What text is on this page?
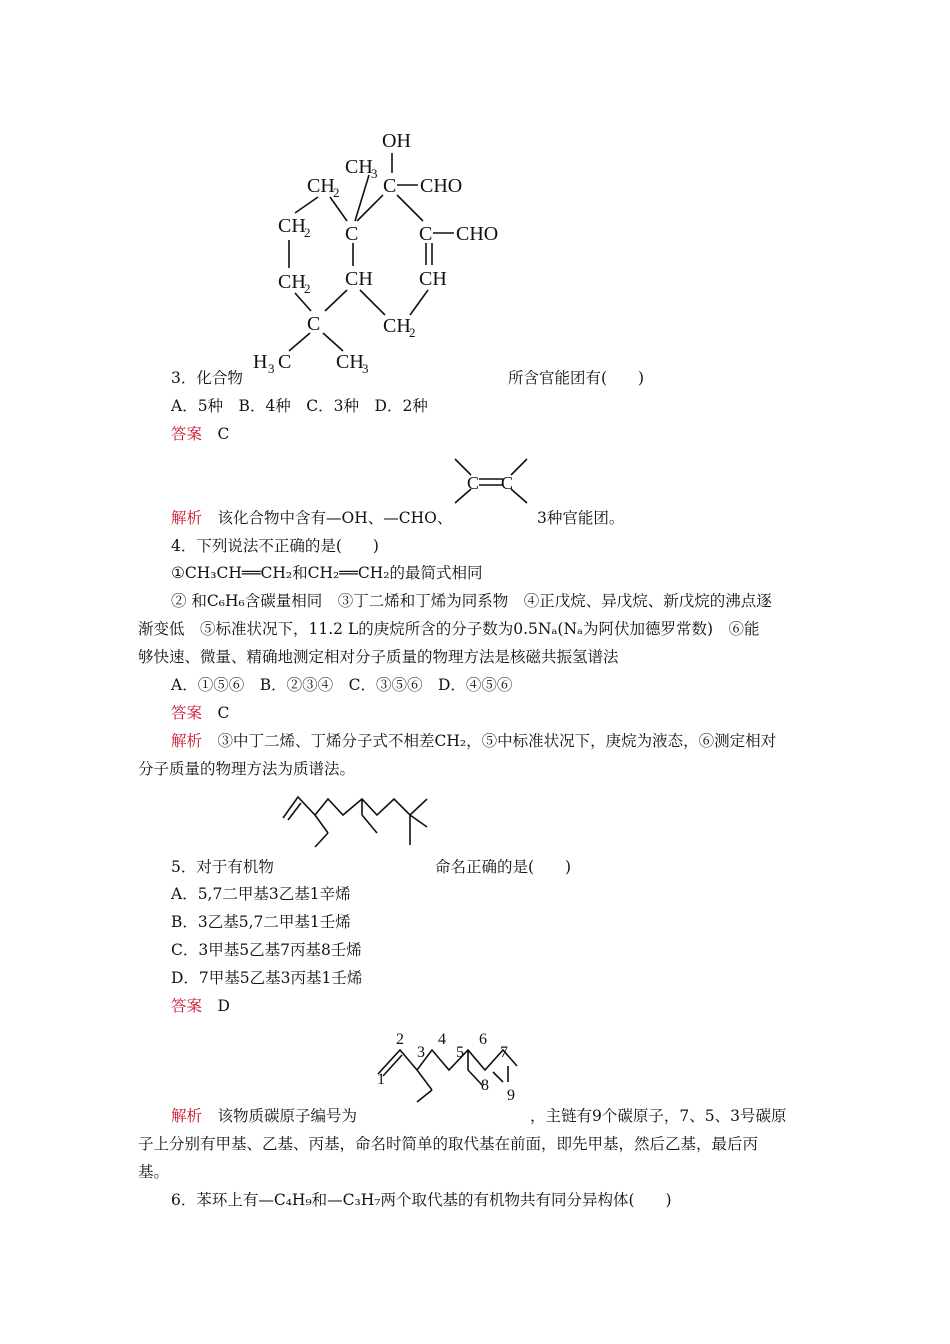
OH
CH
3
C CHO
CH
2
CH
2 C	C CHO
CH
2 CH CH
C	CH
2
H 3 C CH
3
3．化合物	所含官能团有(　　)
A．5种　B．4种　C．3种　D．2种
答案　 C
C C
解析　 该化合物中含有—OH、—CHO、	3种官能团。
4．下列说法不正确的是(　　)
①CH₃CH══CH₂和CH₂══CH₂的最简式相同
② 和C₆H₆含碳量相同　③丁二烯和丁烯为同系物　④正戊烷、异戊烷、新戊烷的沸点逐
渐变低　⑤标准状况下，11.2 L的庚烷所含的分子数为0.5Nₐ(Nₐ为阿伏加德罗常数)　⑥能
够快速、微量、精确地测定相对分子质量的物理方法是核磁共振氢谱法
A．①⑤⑥　B．②③④　C．③⑤⑥　D．④⑤⑥
答案　 C
解析　 ③中丁二烯、丁烯分子式不相差CH₂，⑤中标准状况下，庚烷为液态，⑥测定相对
分子质量的物理方法为质谱法。
5．对于有机物	命名正确的是(　　)
A．5,7二甲基3乙基1辛烯
B．3乙基5,7二甲基1壬烯
C．3甲基5乙基7丙基8壬烯
D．7甲基5乙基3丙基1壬烯
答案　 D
1
2
3
4
5
6
7
8
9
解析　 该物质碳原子编号为	，主链有9个碳原子，7、5、3号碳原
子上分别有甲基、乙基、丙基，命名时简单的取代基在前面，即先甲基，然后乙基，最后丙
基。
6．苯环上有—C₄H₉和—C₃H₇两个取代基的有机物共有同分异构体(　　)
